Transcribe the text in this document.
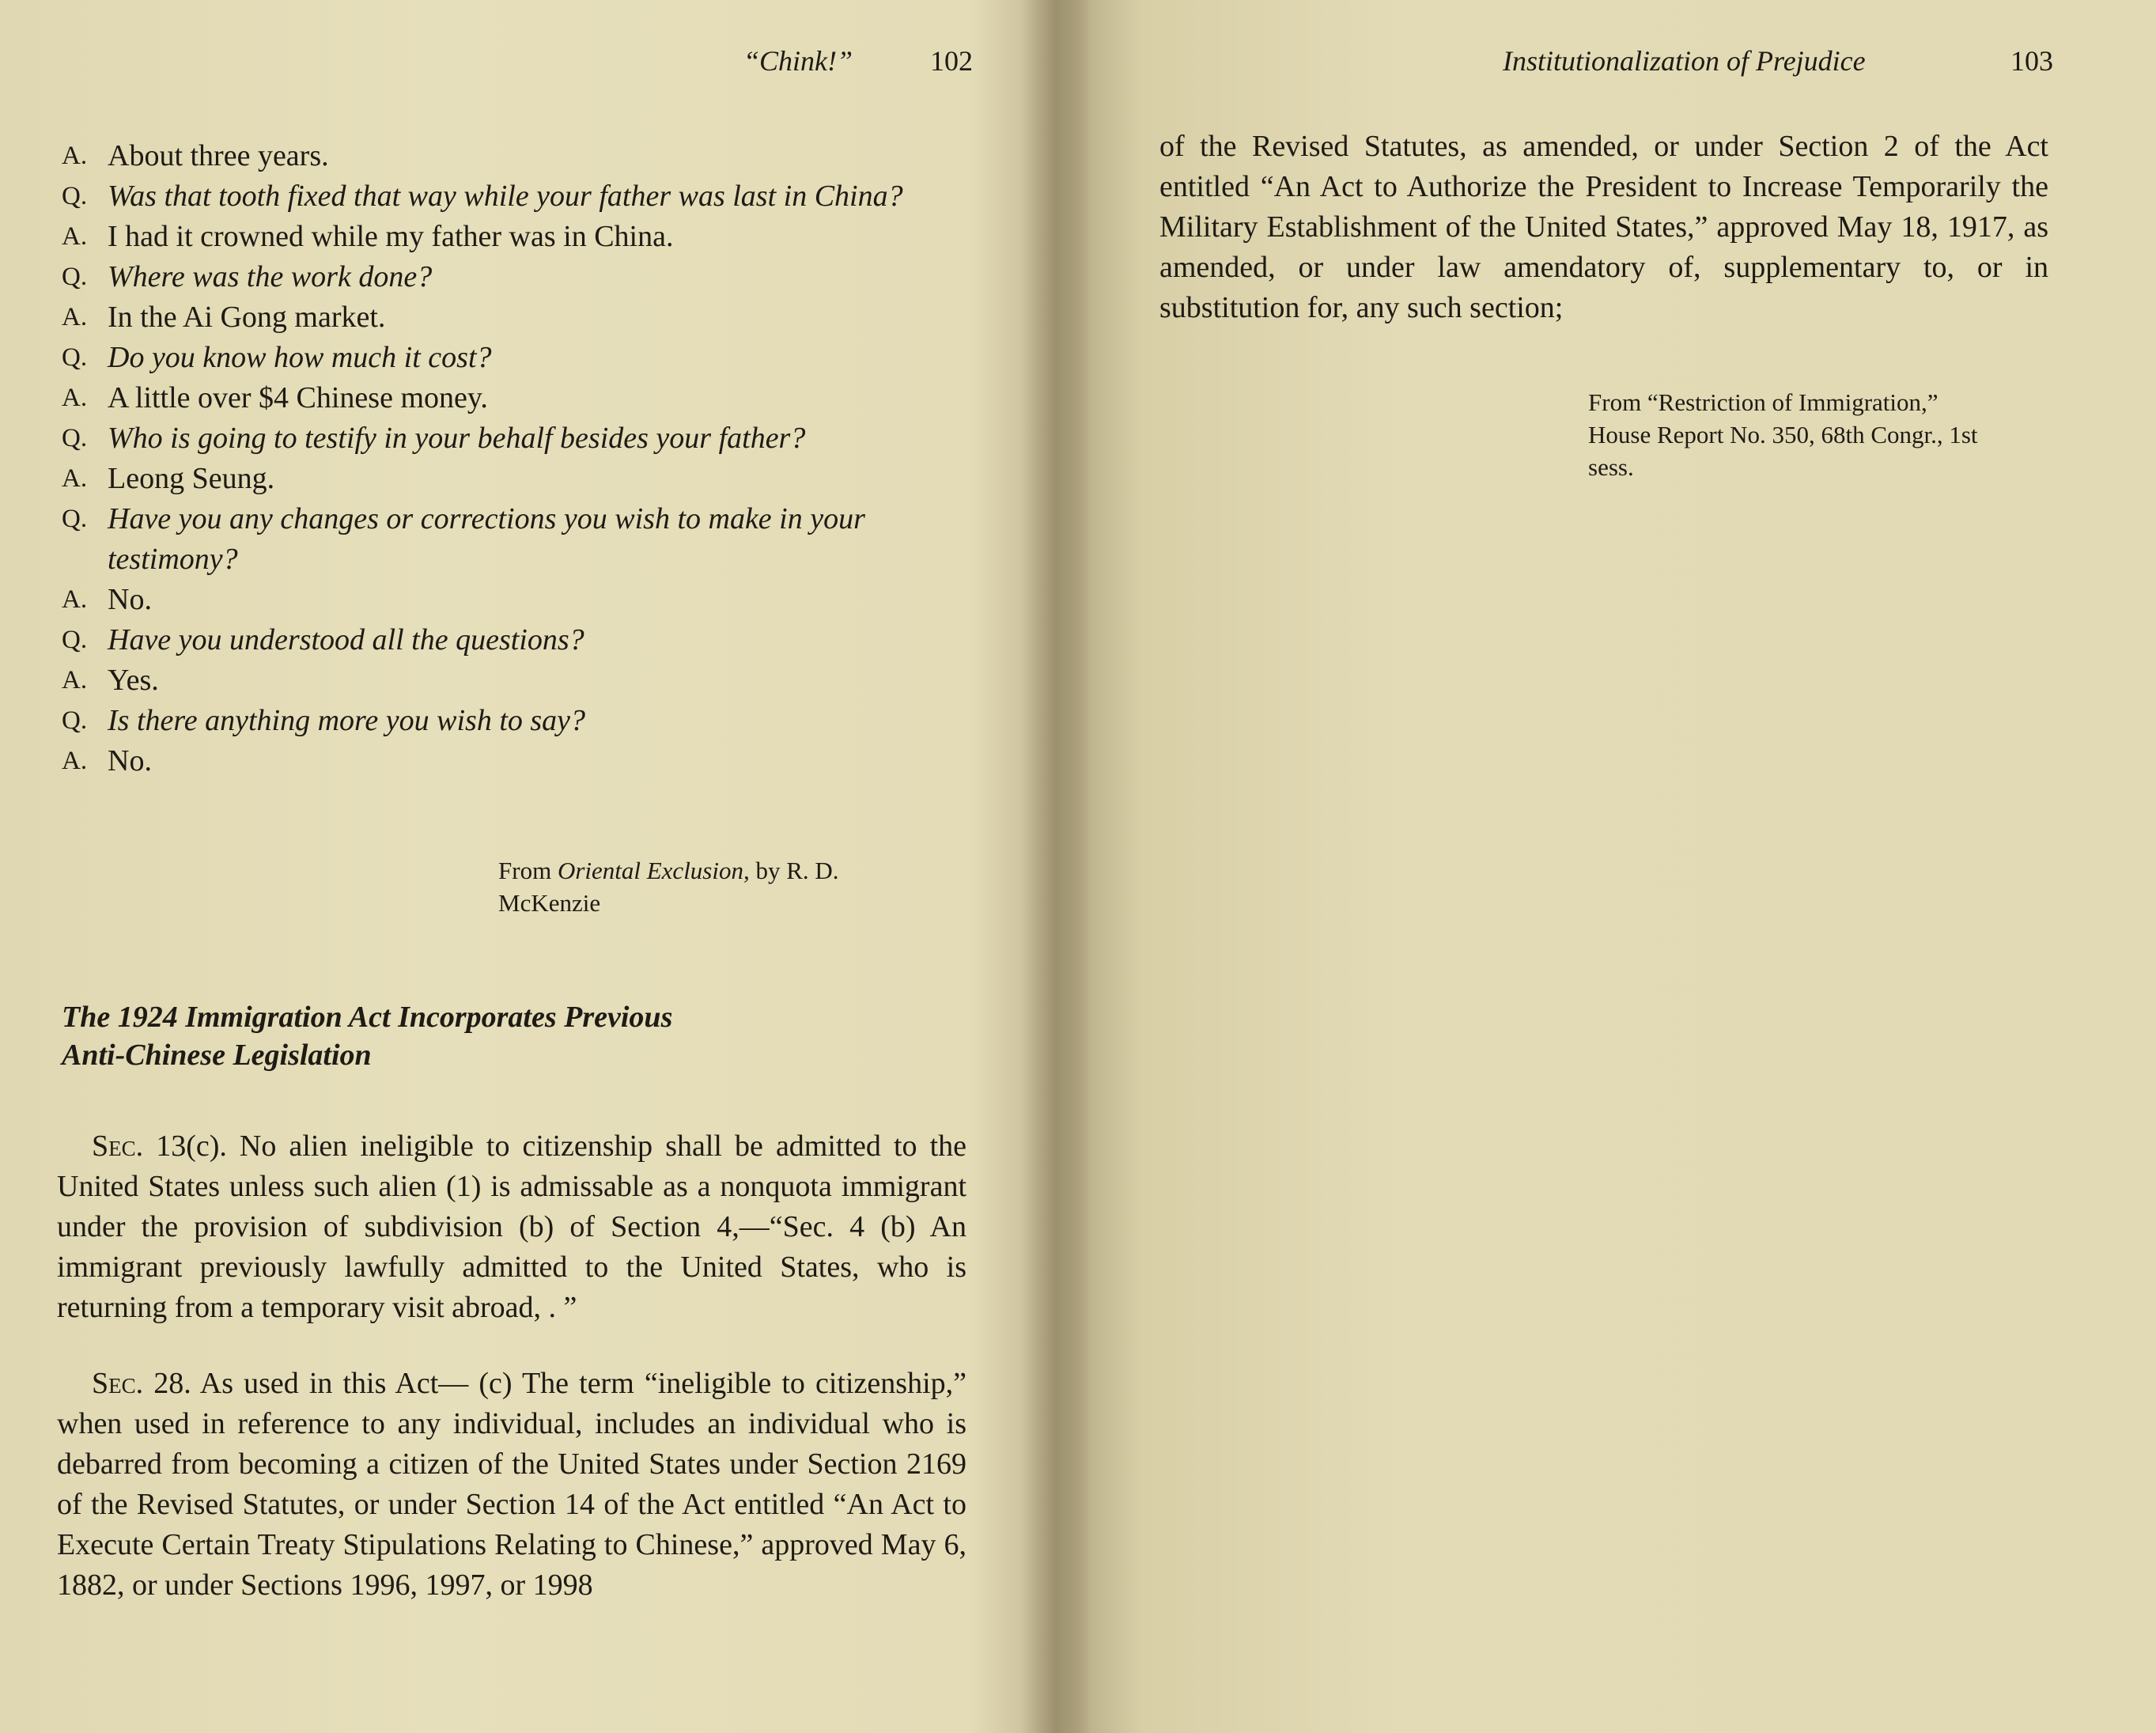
“Chink!”	102
A. About three years.
Q. Was that tooth fixed that way while your father was last in China?
A. I had it crowned while my father was in China.
Q. Where was the work done?
A. In the Ai Gong market.
Q. Do you know how much it cost?
A. A little over $4 Chinese money.
Q. Who is going to testify in your behalf besides your father?
A. Leong Seung.
Q. Have you any changes or corrections you wish to make in your testimony?
A. No.
Q. Have you understood all the questions?
A. Yes.
Q. Is there anything more you wish to say?
A. No.
From Oriental Exclusion, by R. D.
McKenzie
The 1924 Immigration Act Incorporates Previous
Anti-Chinese Legislation
Sec. 13(c). No alien ineligible to citizenship shall be admitted to the United States unless such alien (1) is admissable as a nonquota immigrant under the provision of subdivision (b) of Section 4,—“Sec. 4 (b) An immigrant previously lawfully admitted to the United States, who is returning from a temporary visit abroad, . ”
Sec. 28. As used in this Act— (c) The term “ineligible to citizenship,” when used in reference to any individual, includes an individual who is debarred from becoming a citizen of the United States under Section 2169 of the Revised Statutes, or under Section 14 of the Act entitled “An Act to Execute Certain Treaty Stipulations Relating to Chinese,” approved May 6, 1882, or under Sections 1996, 1997, or 1998
Institutionalization of Prejudice	103
of the Revised Statutes, as amended, or under Section 2 of the Act entitled “An Act to Authorize the President to Increase Temporarily the Military Establishment of the United States,” approved May 18, 1917, as amended, or under law amendatory of, supplementary to, or in substitution for, any such section;
From “Restriction of Immigration,”
House Report No. 350, 68th Congr., 1st
sess.
